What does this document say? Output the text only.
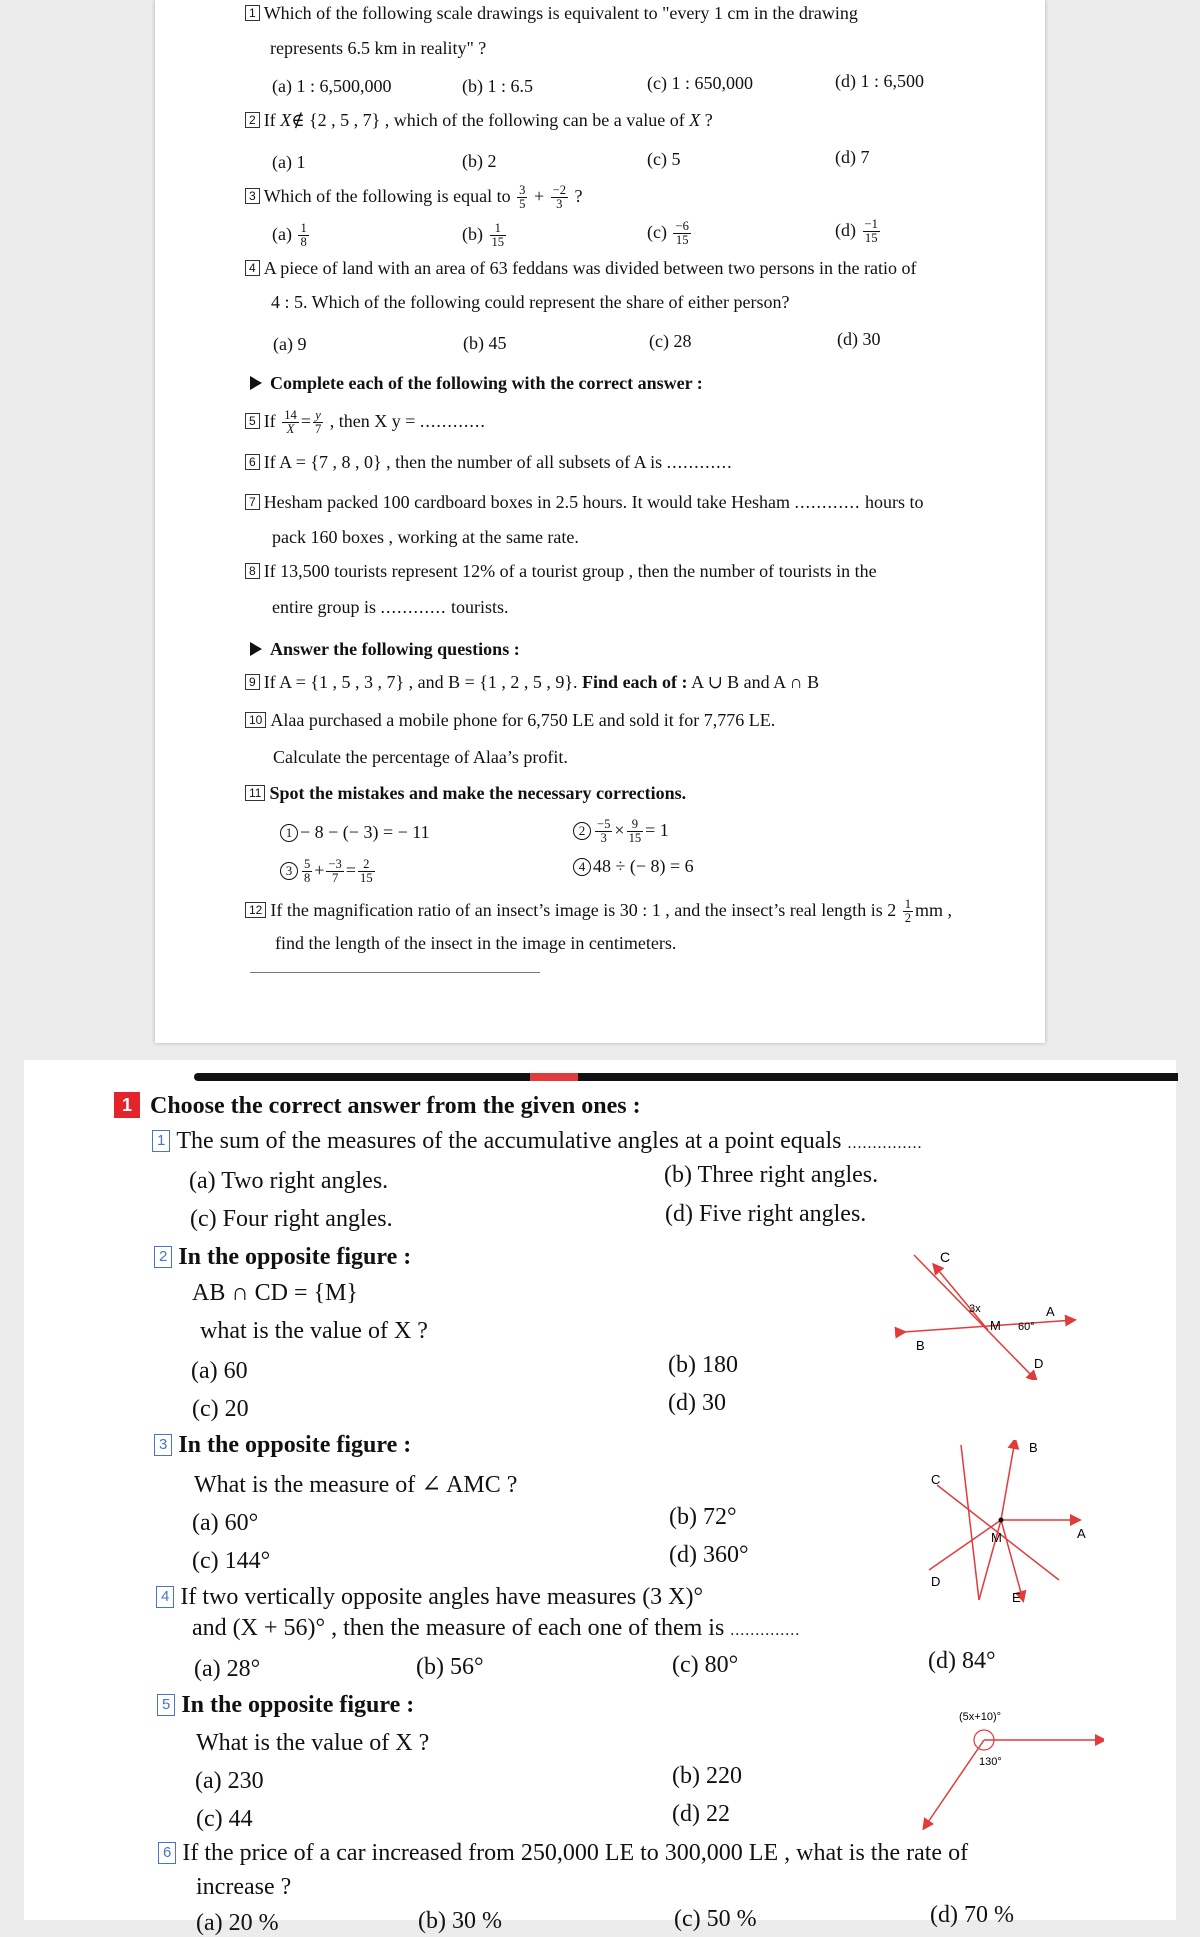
1 Which of the following scale drawings is equivalent to "every 1 cm in the drawing
represents 6.5 km in reality" ?
(a) 1 : 6,500,000	(b) 1 : 6.5	(c) 1 : 650,000	(d) 1 : 6,500
2 If X∉ {2 , 5 , 7} , which of the following can be a value of X ?
(a) 1	(b) 2	(c) 5	(d) 7
3 Which of the following is equal to $\frac{3}{5} + \frac{-2}{3}$ ?
$(a) \frac{1}{8}$	$(b) \frac{1}{15}$	$(c) \frac{-6}{15}$	$(d) \frac{-1}{15}$
4 A piece of land with an area of 63 feddans was divided between two persons in the ratio of
4 : 5. Which of the following could represent the share of either person?
(a) 9	(b) 45	(c) 28	(d) 30
Complete each of the following with the correct answer :
5 If $\frac{14}{X} = \frac{y}{7}$ , then X y = ............
6 If A = {7 , 8 , 0} , then the number of all subsets of A is ............
7 Hesham packed 100 cardboard boxes in 2.5 hours. It would take Hesham ............ hours to
pack 160 boxes , working at the same rate.
8 If 13,500 tourists represent 12% of a tourist group , then the number of tourists in the
entire group is ............ tourists.
Answer the following questions :
9 If A = {1 , 5 , 3 , 7} , and B = {1 , 2 , 5 , 9}. Find each of : A ∪ B and A ∩ B
10 Alaa purchased a mobile phone for 6,750 LE and sold it for 7,776 LE.
Calculate the percentage of Alaa’s profit.
11 Spot the mistakes and make the necessary corrections.
1 − 8 − (− 3) = − 11	$2 \frac{-5}{3} \times \frac{9}{15} = 1$
$3 \frac{5}{8} + \frac{-3}{7} = \frac{2}{15}$	4 48 ÷ (− 8) = 6
12 If the magnification ratio of an insect’s image is 30 : 1 , and the insect’s real length is $2 \frac{1}{2}$ mm ,
find the length of the insect in the image in centimeters.
1 Choose the correct answer from the given ones :
1 The sum of the measures of the accumulative angles at a point equals ...............
(a) Two right angles.	(b) Three right angles.
(c) Four right angles.	(d) Five right angles.
2 In the opposite figure :
AB ∩ CD = {M}
what is the value of X ?
(a) 60	(b) 180
(c) 20	(d) 30
C
A
B
D
M
3x
60°
3 In the opposite figure :
What is the measure of ∠ AMC ?
(a) 60°	(b) 72°
(c) 144°	(d) 360°
B
C
A
D
M
E
4 If two vertically opposite angles have measures (3 X)°
and (X + 56)° , then the measure of each one of them is ..............
(a) 28°	(b) 56°	(c) 80°	(d) 84°
5 In the opposite figure :
What is the value of X ?
(a) 230	(b) 220
(c) 44	(d) 22
(5x+10)°
130°
6 If the price of a car increased from 250,000 LE to 300,000 LE , what is the rate of
increase ?
(a) 20 %	(b) 30 %	(c) 50 %	(d) 70 %
